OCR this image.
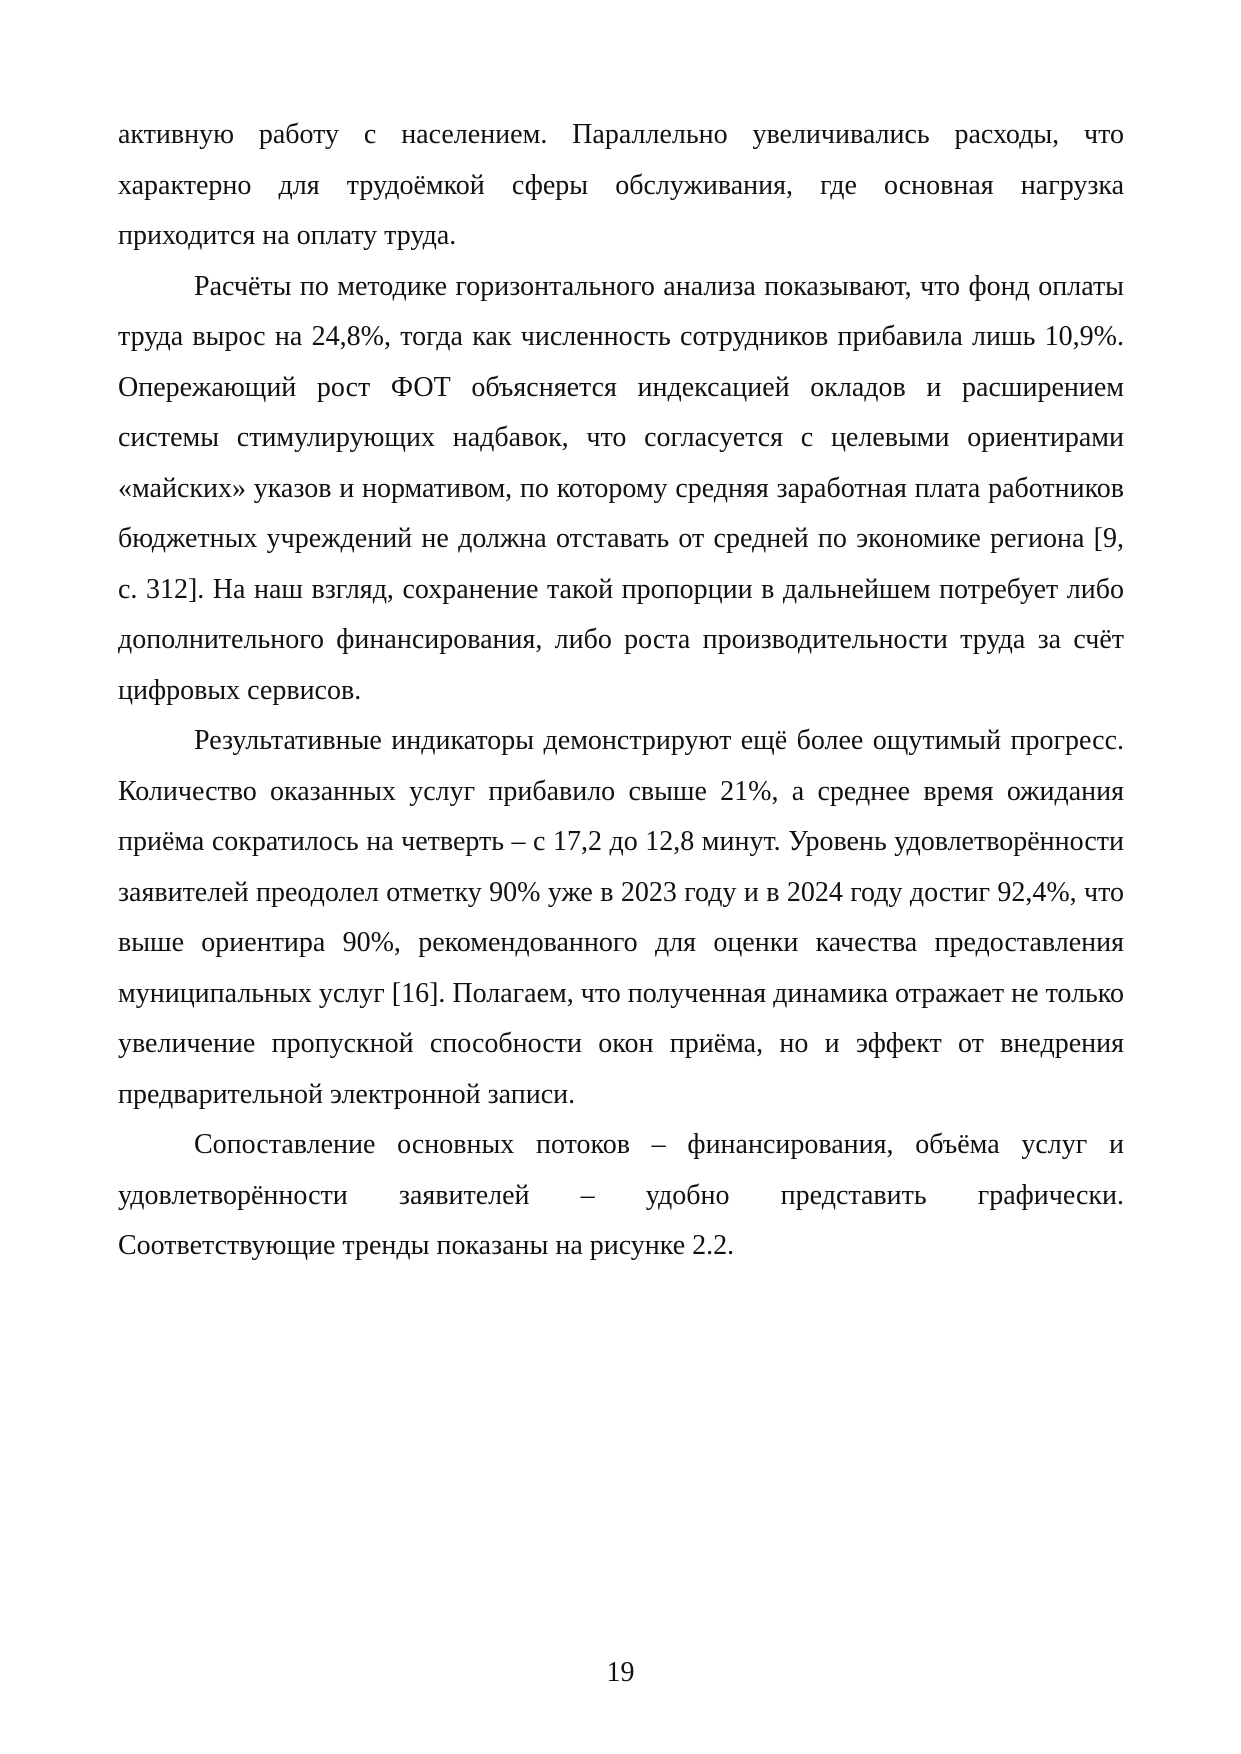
активную работу с населением. Параллельно увеличивались расходы, что характерно для трудоёмкой сферы обслуживания, где основная нагрузка приходится на оплату труда.

Расчёты по методике горизонтального анализа показывают, что фонд оплаты труда вырос на 24,8%, тогда как численность сотрудников прибавила лишь 10,9%. Опережающий рост ФОТ объясняется индексацией окладов и расширением системы стимулирующих надбавок, что согласуется с целевыми ориентирами «майских» указов и нормативом, по которому средняя заработная плата работников бюджетных учреждений не должна отставать от средней по экономике региона [9, с. 312]. На наш взгляд, сохранение такой пропорции в дальнейшем потребует либо дополнительного финансирования, либо роста производительности труда за счёт цифровых сервисов.

Результативные индикаторы демонстрируют ещё более ощутимый прогресс. Количество оказанных услуг прибавило свыше 21%, а среднее время ожидания приёма сократилось на четверть – с 17,2 до 12,8 минут. Уровень удовлетворённости заявителей преодолел отметку 90% уже в 2023 году и в 2024 году достиг 92,4%, что выше ориентира 90%, рекомендованного для оценки качества предоставления муниципальных услуг [16]. Полагаем, что полученная динамика отражает не только увеличение пропускной способности окон приёма, но и эффект от внедрения предварительной электронной записи.

Сопоставление основных потоков – финансирования, объёма услуг и удовлетворённости заявителей – удобно представить графически. Соответствующие тренды показаны на рисунке 2.2.

19
